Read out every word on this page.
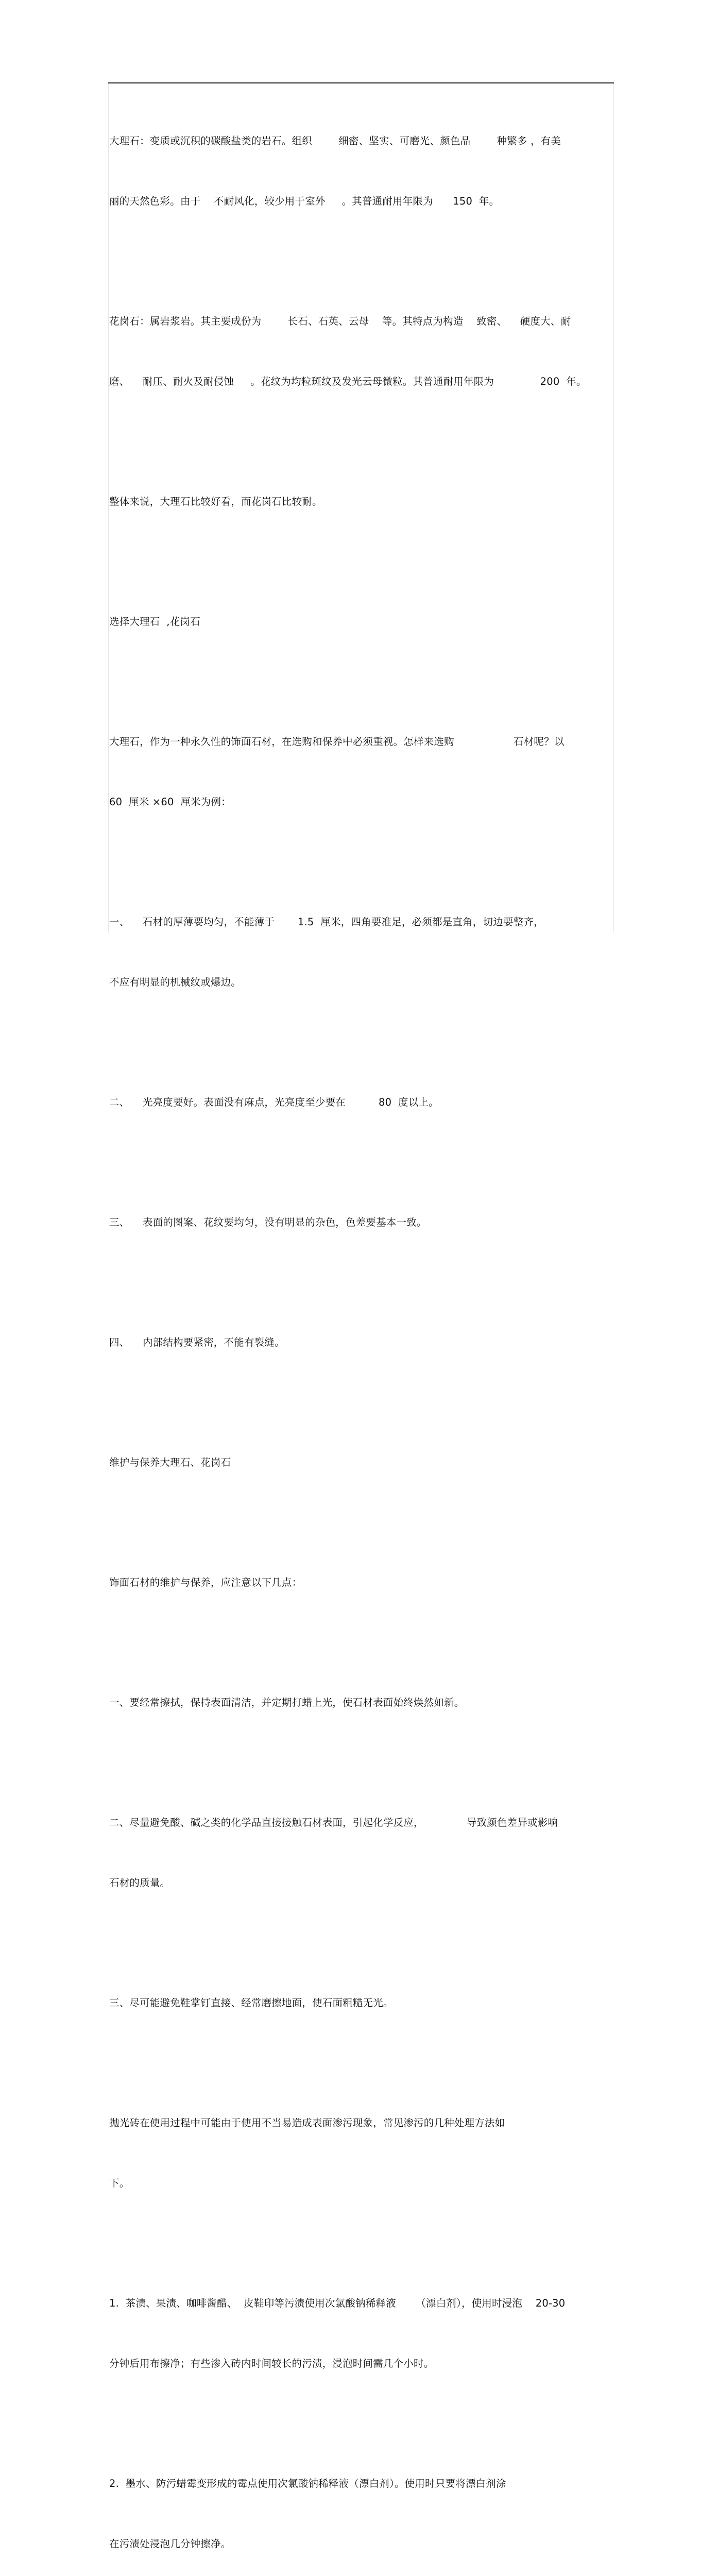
大理石：变质或沉积的碳酸盐类的岩石。组织        细密、坚实、可磨光、颜色品        种繁多 ，有美

丽的天然色彩。由于    不耐风化，较少用于室外     。其普通耐用年限为      150  年。

花岗石：属岩浆岩。其主要成份为        长石、石英、云母    等。其特点为构造    致密、    硬度大、耐

磨、    耐压、耐火及耐侵蚀     。花纹为均粒斑纹及发光云母微粒。其普通耐用年限为              200  年。

整体来说，大理石比较好看，而花岗石比较耐。

选择大理石  ,花岗石

大理石，作为一种永久性的饰面石材，在选购和保养中必须重视。怎样来选购                  石材呢？以

60  厘米 ×60  厘米为例：

一、    石材的厚薄要均匀，不能薄于       1.5  厘米，四角要准足，必须都是直角，切边要整齐，

不应有明显的机械纹或爆边。

二、    光亮度要好。表面没有麻点，光亮度至少要在          80  度以上。

三、    表面的图案、花纹要均匀，没有明显的杂色，色差要基本一致。

四、    内部结构要紧密，不能有裂缝。

维护与保养大理石、花岗石

饰面石材的维护与保养，应注意以下几点：

一、要经常擦拭，保持表面清洁，并定期打蜡上光，使石材表面始终焕然如新。

二、尽量避免酸、碱之类的化学品直接接触石材表面，引起化学反应，             导致颜色差异或影响

石材的质量。

三、尽可能避免鞋掌钉直接、经常磨擦地面，使石面粗糙无光。

抛光砖在使用过程中可能由于使用不当易造成表面渗污现象，常见渗污的几种处理方法如

下。

1.  茶渍、果渍、咖啡酱醋、  皮鞋印等污渍使用次氯酸钠稀释液      （漂白剂），使用时浸泡    20-30

分钟后用布擦净；有些渗入砖内时间较长的污渍，浸泡时间需几个小时。

2.  墨水、防污蜡霉变形成的霉点使用次氯酸钠稀释液（漂白剂）。使用时只要将漂白剂涂

在污渍处浸泡几分钟擦净。
